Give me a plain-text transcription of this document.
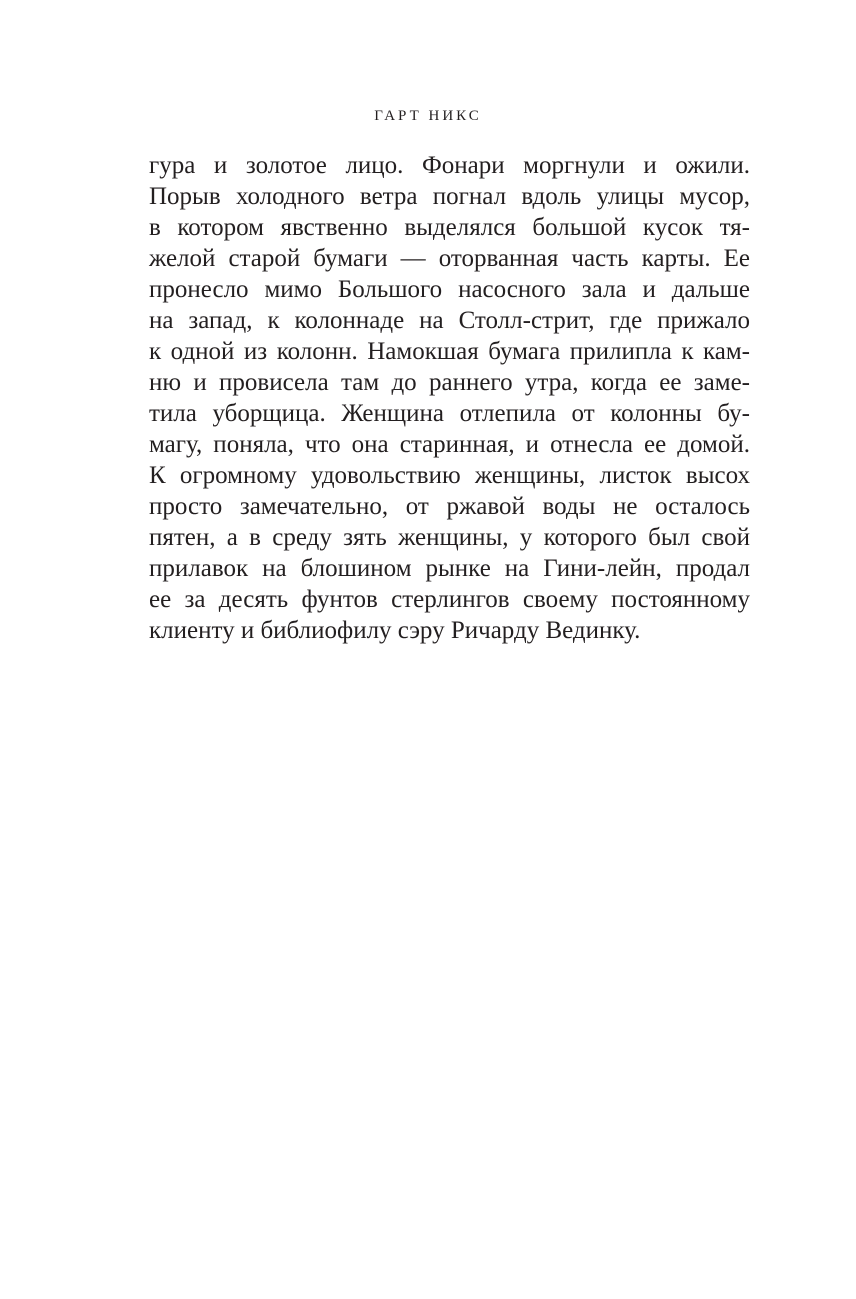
ГАРТ НИКС
гура и золотое лицо. Фонари моргнули и ожили.
Порыв холодного ветра погнал вдоль улицы мусор,
в котором явственно выделялся большой кусок тя-
желой старой бумаги — оторванная часть карты. Ее
пронесло мимо Большого насосного зала и дальше
на запад, к колоннаде на Столл-стрит, где прижало
к одной из колонн. Намокшая бумага прилипла к кам-
ню и провисела там до раннего утра, когда ее заме-
тила уборщица. Женщина отлепила от колонны бу-
магу, поняла, что она старинная, и отнесла ее домой.
К огромному удовольствию женщины, листок высох
просто замечательно, от ржавой воды не осталось
пятен, а в среду зять женщины, у которого был свой
прилавок на блошином рынке на Гини-лейн, продал
ее за десять фунтов стерлингов своему постоянному
клиенту и библиофилу сэру Ричарду Вединку.
